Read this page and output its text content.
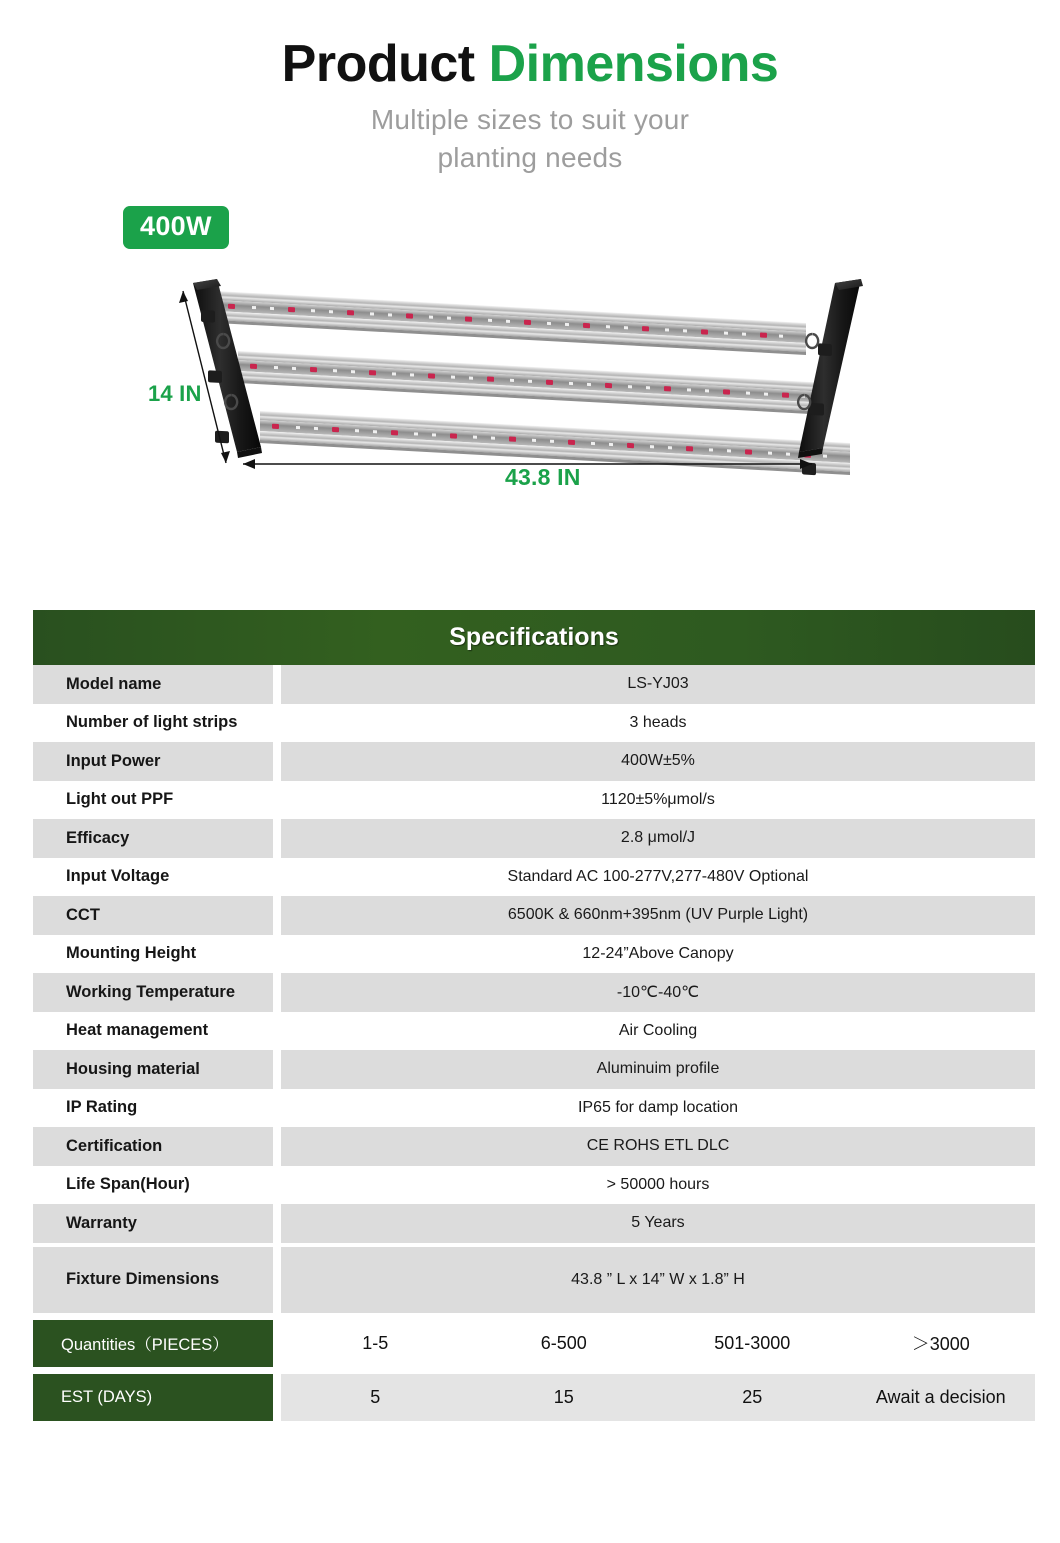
Product Dimensions
Multiple sizes to suit your
planting needs
400W
14 IN
43.8 IN
Specifications
Model name	LS-YJ03
Number of light strips	3 heads
Input Power	400W±5%
Light out PPF	1120±5%μmol/s
Efficacy	2.8 μmol/J
Input Voltage	Standard AC 100-277V,277-480V Optional
CCT	6500K & 660nm+395nm (UV Purple Light)
Mounting Height	12-24”Above Canopy
Working Temperature	-10℃-40℃
Heat management	Air Cooling
Housing material	Aluminuim profile
IP Rating	IP65 for damp location
Certification	CE ROHS ETL DLC
Life Span(Hour)	> 50000 hours
Warranty	5 Years
Fixture Dimensions	43.8 ” L x 14” W x 1.8” H
Quantities（PIECES）	1-5	6-500	501-3000	＞3000
EST (DAYS)	5	15	25	Await a decision
